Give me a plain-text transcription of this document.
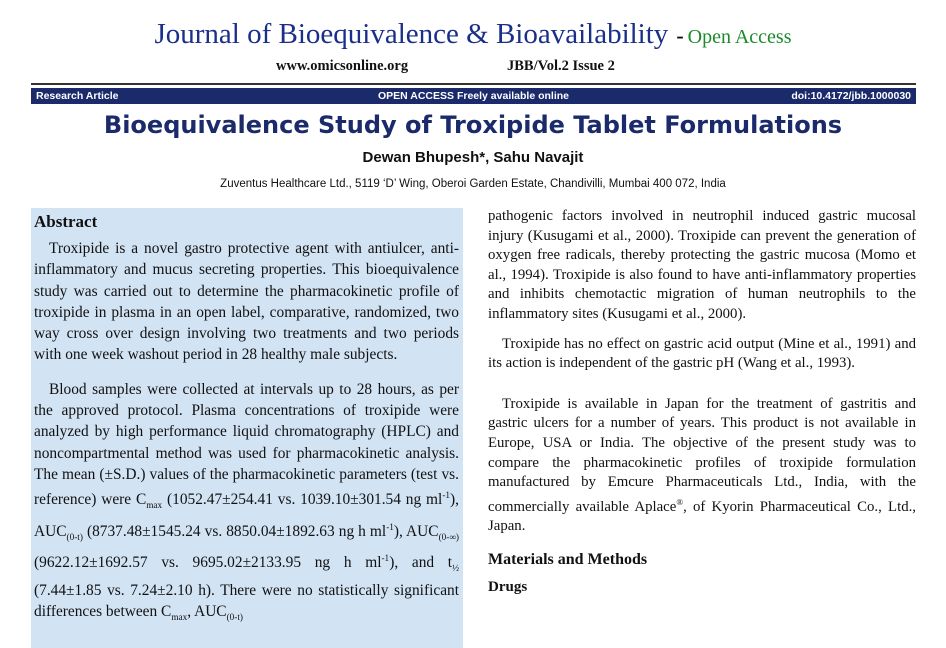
Journal of Bioequivalence & Bioavailability - Open Access
www.omicsonline.org	JBB/Vol.2 Issue 2
OPEN ACCESS Freely available online
Research Article	doi:10.4172/jbb.1000030
Bioequivalence Study of Troxipide Tablet Formulations
Dewan Bhupesh*, Sahu Navajit
Zuventus Healthcare Ltd., 5119 ‘D’ Wing, Oberoi Garden Estate, Chandivilli, Mumbai 400 072, India
Abstract

Troxipide is a novel gastro protective agent with antiulcer, anti-inflammatory and mucus secreting properties. This bioequivalence study was carried out to determine the pharmacokinetic profile of troxipide in plasma in an open label, comparative, randomized, two way cross over design involving two treatments and two periods with one week washout period in 28 healthy male subjects.

Blood samples were collected at intervals up to 28 hours, as per the approved protocol. Plasma concentrations of troxipide were analyzed by high performance liquid chromatography (HPLC) and noncompartmental method was used for pharmacokinetic analysis. The mean (±S.D.) values of the pharmacokinetic parameters (test vs. reference) were $C_{max}$ (1052.47±254.41 vs. 1039.10±301.54 ng $ml^{-1}$), $AUC_{(0-t)}$ (8737.48±1545.24 vs. 8850.04±1892.63 ng h $ml^{-1}$), $AUC_{(0-\infty)}$ (9622.12±1692.57 vs. 9695.02±2133.95 ng h $ml^{-1}$), and $t_{\frac{1}{2}}$ (7.44±1.85 vs. 7.24±2.10 h). There were no statistically significant differences between $C_{max}$, $AUC_{(0-t)}$

pathogenic factors involved in neutrophil induced gastric mucosal injury (Kusugami et al., 2000). Troxipide can prevent the generation of oxygen free radicals, thereby protecting the gastric mucosa (Momo et al., 1994). Troxipide is also found to have anti-inflammatory properties and inhibits chemotactic migration of human neutrophils to the inflammatory sites (Kusugami et al., 2000).

Troxipide has no effect on gastric acid output (Mine et al., 1991) and its action is independent of the gastric pH (Wang et al., 1993).

Troxipide is available in Japan for the treatment of gastritis and gastric ulcers for a number of years. This product is not available in Europe, USA or India. The objective of the present study was to compare the pharmacokinetic profiles of troxipide formulation manufactured by Emcure Pharmaceuticals Ltd., India, with the commercially available Aplace®, of Kyorin Pharmaceutical Co., Ltd., Japan.

Materials and Methods
Drugs
